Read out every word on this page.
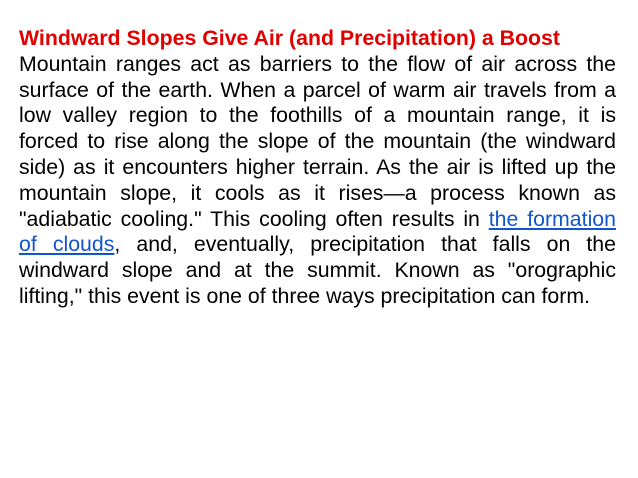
Windward Slopes Give Air (and Precipitation) a Boost

Mountain ranges act as barriers to the flow of air across the surface of the earth. When a parcel of warm air travels from a low valley region to the foothills of a mountain range, it is forced to rise along the slope of the mountain (the windward side) as it encounters higher terrain. As the air is lifted up the mountain slope, it cools as it rises—a process known as "adiabatic cooling." This cooling often results in the formation of clouds, and, eventually, precipitation that falls on the windward slope and at the summit. Known as "orographic lifting," this event is one of three ways precipitation can form.
